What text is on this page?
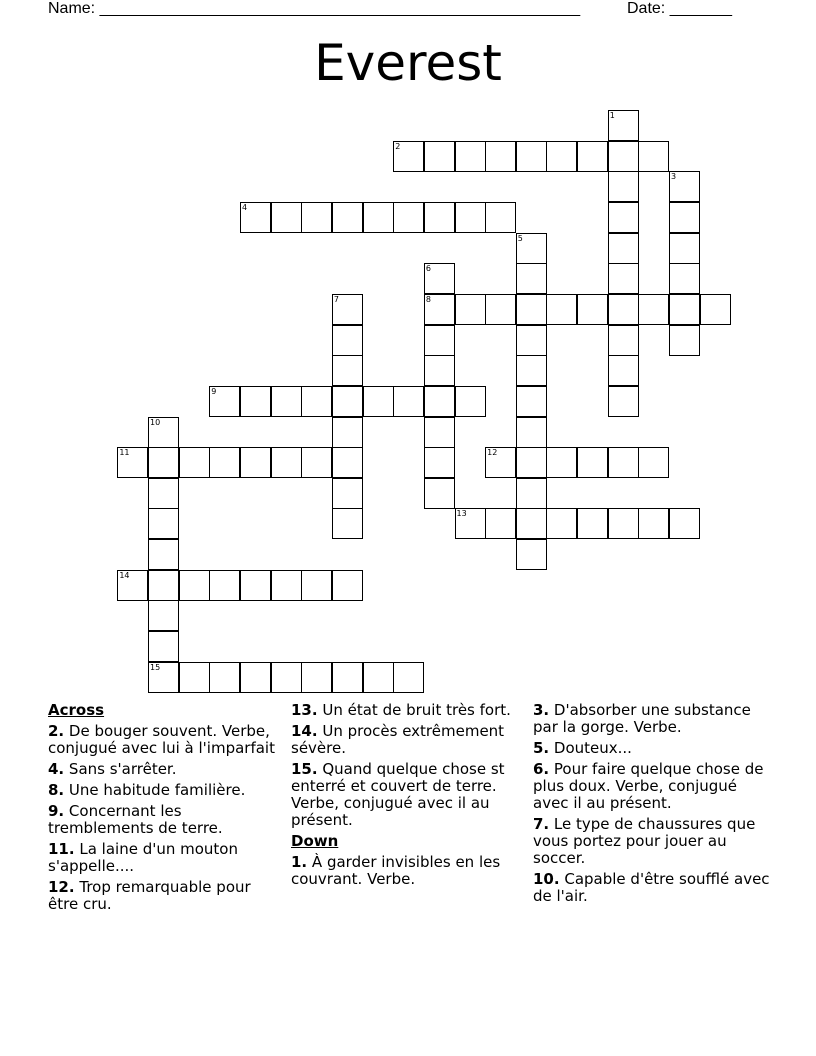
Name: ______________________________________________________	Date: _______
Everest
1
2
3
4
5
6
8
7
9
10
15
11	12
13
14
Across
2. De bouger souvent. Verbe, conjugué avec lui à l'imparfait
4. Sans s'arrêter.
8. Une habitude familière.
9. Concernant les tremblements de terre.
11. La laine d'un mouton s'appelle....
12. Trop remarquable pour être cru.
13. Un état de bruit très fort.
14. Un procès extrêmement sévère.
15. Quand quelque chose st enterré et couvert de terre. Verbe, conjugué avec il au présent.
Down
1. À garder invisibles en les couvrant. Verbe.
3. D'absorber une substance par la gorge. Verbe.
5. Douteux...
6. Pour faire quelque chose de plus doux. Verbe, conjugué avec il au présent.
7. Le type de chaussures que vous portez pour jouer au soccer.
10. Capable d'être soufflé avec de l'air.
